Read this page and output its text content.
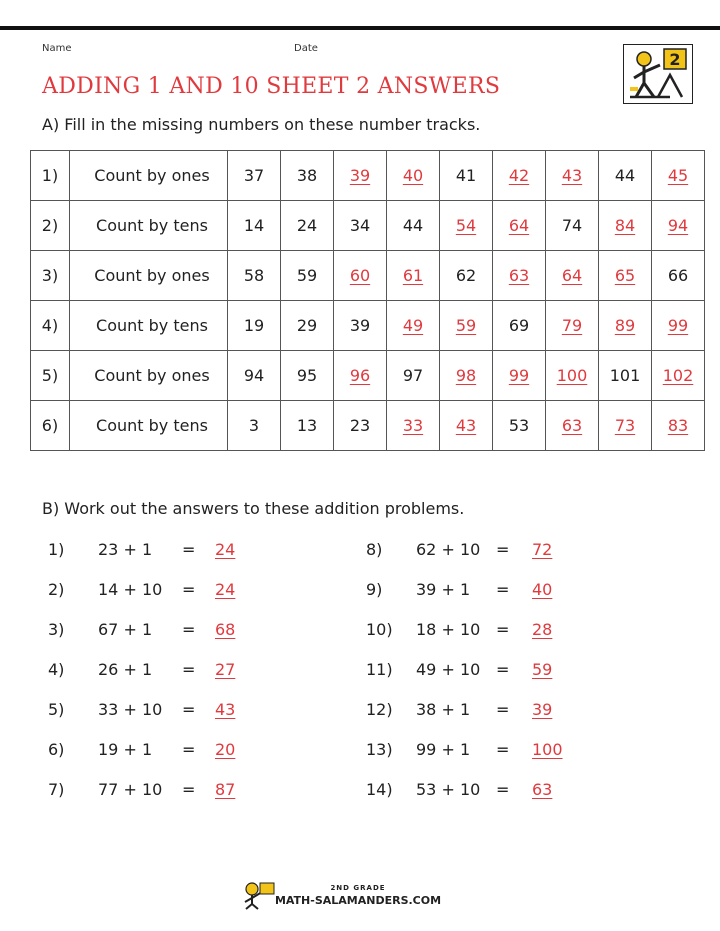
Name	Date
ADDING 1 AND 10 SHEET 2 ANSWERS
2
A) Fill in the missing numbers on these number tracks.
1)	Count by ones	37	38	39	40	41	42	43	44	45
2)	Count by tens	14	24	34	44	54	64	74	84	94
3)	Count by ones	58	59	60	61	62	63	64	65	66
4)	Count by tens	19	29	39	49	59	69	79	89	99
5)	Count by ones	94	95	96	97	98	99	100	101	102
6)	Count by tens	3	13	23	33	43	53	63	73	83
B) Work out the answers to these addition problems.
1) 23 + 1 = 24
2) 14 + 10 = 24
3) 67 + 1 = 68
4) 26 + 1 = 27
5) 33 + 10 = 43
6) 19 + 1 = 20
7) 77 + 10 = 87
8) 62 + 10 = 72
9) 39 + 1 = 40
10) 18 + 10 = 28
11) 49 + 10 = 59
12) 38 + 1 = 39
13) 99 + 1 = 100
14) 53 + 10 = 63
2ND GRADE
MATH-SALAMANDERS.COM
